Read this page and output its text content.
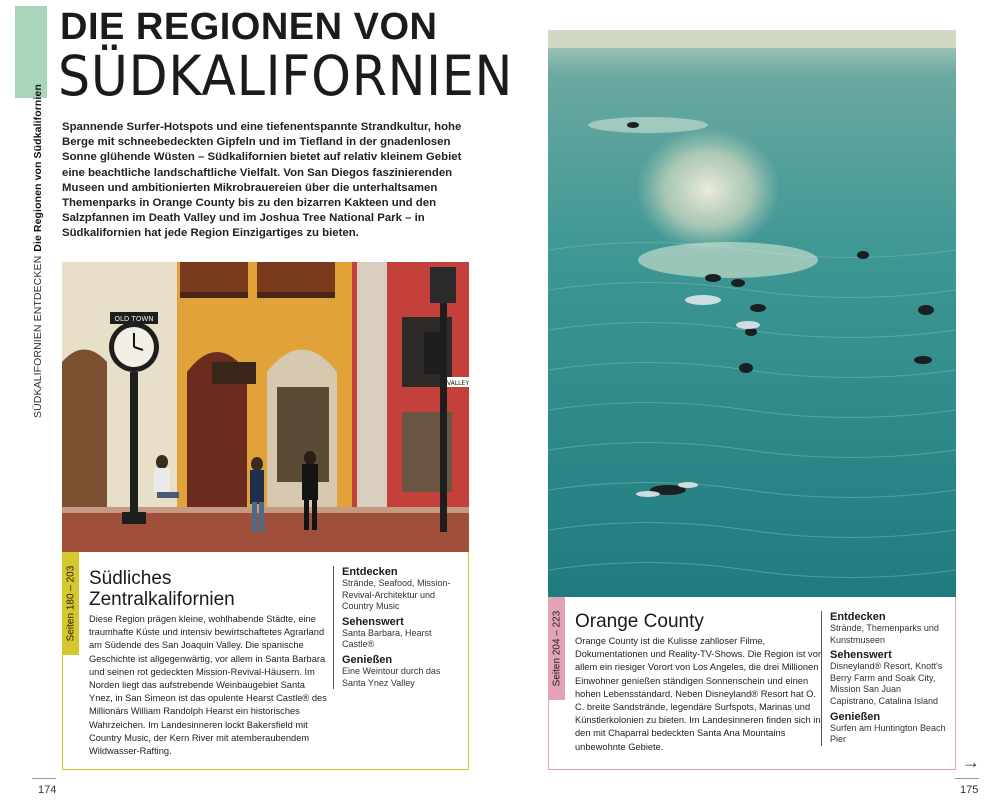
SÜDKALIFORNIEN ENTDECKEN
Die Regionen von Südkalifornien
DIE REGIONEN VON
SÜDKALIFORNIEN

Spannende Surfer-Hotspots und eine tiefenentspannte Strandkultur, hohe Berge mit schneebedeckten Gipfeln und im Tiefland in der gnadenlosen Sonne glühende Wüsten – Südkalifornien bietet auf relativ kleinem Gebiet eine beachtliche landschaftliche Vielfalt. Von San Diegos faszinierenden Museen und ambitionierten Mikrobrauereien über die unterhaltsamen Themenparks in Orange County bis zu den bizarren Kakteen und den Salzpfannen im Death Valley und im Joshua Tree National Park – in Südkalifornien hat jede Region Einzigartiges zu bieten.

OLD TOWN
VALLEY
Seiten 180 – 203 Südliches Zentralkalifornien

Diese Region prägen kleine, wohlhabende Städte, eine traumhafte Küste und intensiv bewirtschaftetes Agrarland am Südende des San Joaquin Valley. Die spanische Geschichte ist allgegenwärtig, vor allem in Santa Barbara und seinen rot gedeckten Mission-Revival-Häusern. Im Norden liegt das aufstrebende Weinbaugebiet Santa Ynez, in San Simeon ist das opulente Hearst Castle® des Millionärs William Randolph Hearst ein historisches Wahrzeichen. Im Landesinneren lockt Bakersfield mit Country Music, der Kern River mit atemberaubendem Wildwasser-Rafting.

Entdecken
Strände, Seafood, Mission-Revival-Architektur und Country Music
Sehenswert
Santa Barbara, Hearst Castle®
Genießen
Eine Weintour durch das Santa Ynez Valley
174
Seiten 204 – 223 Orange County

Orange County ist die Kulisse zahlloser Filme, Dokumentationen und Reality-TV-Shows. Die Region ist vor allem ein riesiger Vorort von Los Angeles, die drei Millionen Einwohner genießen ständigen Sonnenschein und einen hohen Lebensstandard. Neben Disneyland® Resort hat O. C. breite Sandstrände, legendäre Surfspots, Marinas und Künstlerkolonien zu bieten. Im Landesinneren finden sich in den mit Chaparral bedeckten Santa Ana Mountains unbewohnte Gebiete.

Entdecken
Strände, Themenparks und Kunstmuseen
Sehenswert
Disneyland® Resort, Knott's Berry Farm and Soak City, Mission San Juan Capistrano, Catalina Island
Genießen
Surfen am Huntington Beach Pier
→
175
